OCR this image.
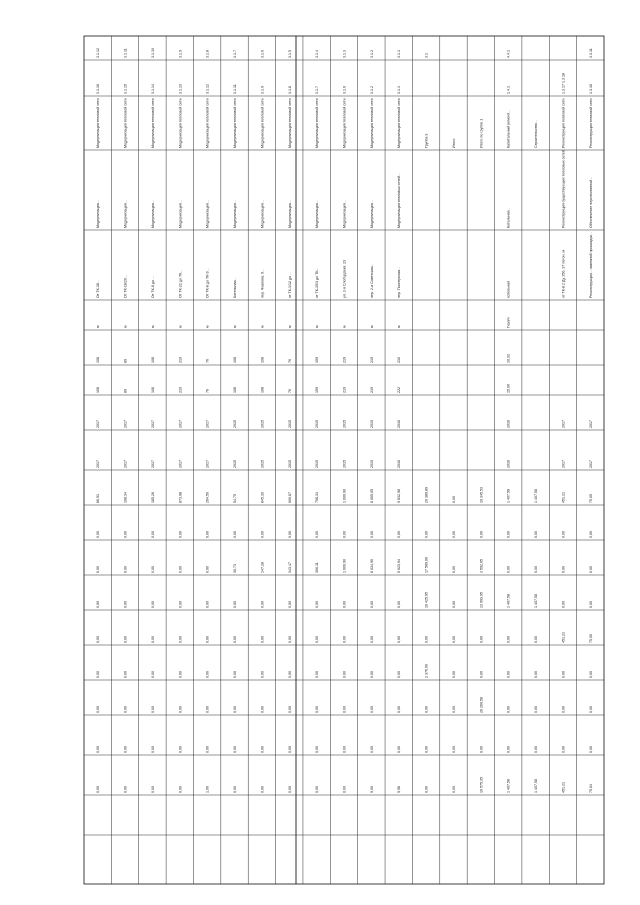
3.3.11
1.3.16
Реконструкция тепловой сети
Обеспечение перспективной...
Реконструкция... наземной прокладки...
2017
2017
75,05
0,00
0,00
0,00
75,05
0,00
0,00
0,00
75,64
1.3.17 1.3.18
Реконструкция тепловой сети
Реконструкция существующих тепловых сетей...
от ТК-8.2 Ду 250, 37 погон. м
2017
2017
451,21
0,00
0,00
0,00
451,21
0,00
0,00
0,00
451,21
Строительство...
1 407,58
0,00
0,00
1 407,58
0,00
0,00
0,00
0,00
1 407,58
4.4.1
1.4.1.
Капитальный ремонт...
Котельная...
котельная
Гкал/ч
10,32
15,00
2016
2016
1 407,58
0,00
0,00
1 407,58
0,00
0,00
0,00
0,00
1 407,58
Итого по группе 1
19 345,53
0,00
2 592,65
13 993,95
0,00
0,00
26 260,58
0,00
19 575,35
Итого
0,00
0,00
0,00
0,00
0,00
0,00
0,00
0,00
0,00
3.1
Группа 3
20 389,89
0,00
17 589,66
10 425,95
0,00
2 376,00
0,00
0,00
0,00
3.1.1
3.1.1
Модернизация тепловой сети
Модернизация тепловых сетей...
пер. Пионерская...
м
210
222
2016
2016
9 832,98
0,00
5 623,94
0,00
0,00
0,00
0,00
0,00
9,98
3.1.2
3.1.2
Модернизация тепловой сети
Модернизация...
пер. 2-я Советская...
м
219
219
2015
2015
8 005,05
0,00
8 034,90
0,00
0,00
0,00
0,00
0,00
9,00
3.1.3
3.1.6
Модернизация тепловой сети
Модернизация...
ул. 2-я Слободская, 23
м
219
219
2015
2015
1 606,90
0,00
1 606,90
0,00
0,00
0,00
0,00
0,00
0,00
3.1.4
3.1.7
Модернизация тепловой сети
Модернизация...
от ТК-15/3 до ТК...
м
159
159
2015
2015
708,31
0,00
306,11
0,00
0,00
0,00
0,00
0,00
0,00
3.1.5
3.1.8
Модернизация тепловой сети
Модернизация...
от ТК-1/12 до ...
м
76
76
2015
2015
600,87
0,00
343,47
0,00
0,00
0,00
0,00
0,00
0,00
3.1.6
3.1.9
Модернизация тепловой сети
Модернизация...
пер. Чкалова, 9...
м
108
108
2015
2015
845,30
0,00
147,28
0,00
0,00
0,00
0,00
0,00
0,00
3.1.7
3.1.11
Модернизация тепловой сети
Модернизация...
Котельная...
м
108
108
2015
2015
54,75
0,00
30,73
0,00
0,00
0,00
0,00
0,00
0,00
3.1.8
3.1.12
Модернизация тепловой сети
Модернизация...
От ТК-8 до ТК-9...
м
76
76
2017
2017
264,50
0,00
0,00
0,00
0,00
0,00
0,00
0,00
1,00
3.1.9
3.1.13
Модернизация тепловой сети
Модернизация...
От ТК-22 до ТК...
м
219
219
2017
2017
873,98
0,00
0,00
0,00
0,00
0,00
0,00
0,00
0,00
3.1.10
3.1.14
Модернизация тепловой сети
Модернизация...
От ТК-8 до ...
м
108
108
2017
2017
185,26
0,00
0,00
0,00
0,00
0,00
0,00
0,00
0,00
3.1.11
3.1.15
Модернизация тепловой сети
Модернизация...
От ТК-18/20...
м
89
89
2017
2017
108,34
0,00
0,00
0,00
0,00
0,00
0,00
0,00
0,00
3.1.12
3.1.16
Модернизация тепловой сети
Модернизация...
От ТК-38...
м
108
108
2017
2017
86,91
0,00
0,00
0,00
0,00
0,00
0,00
0,00
0,00
